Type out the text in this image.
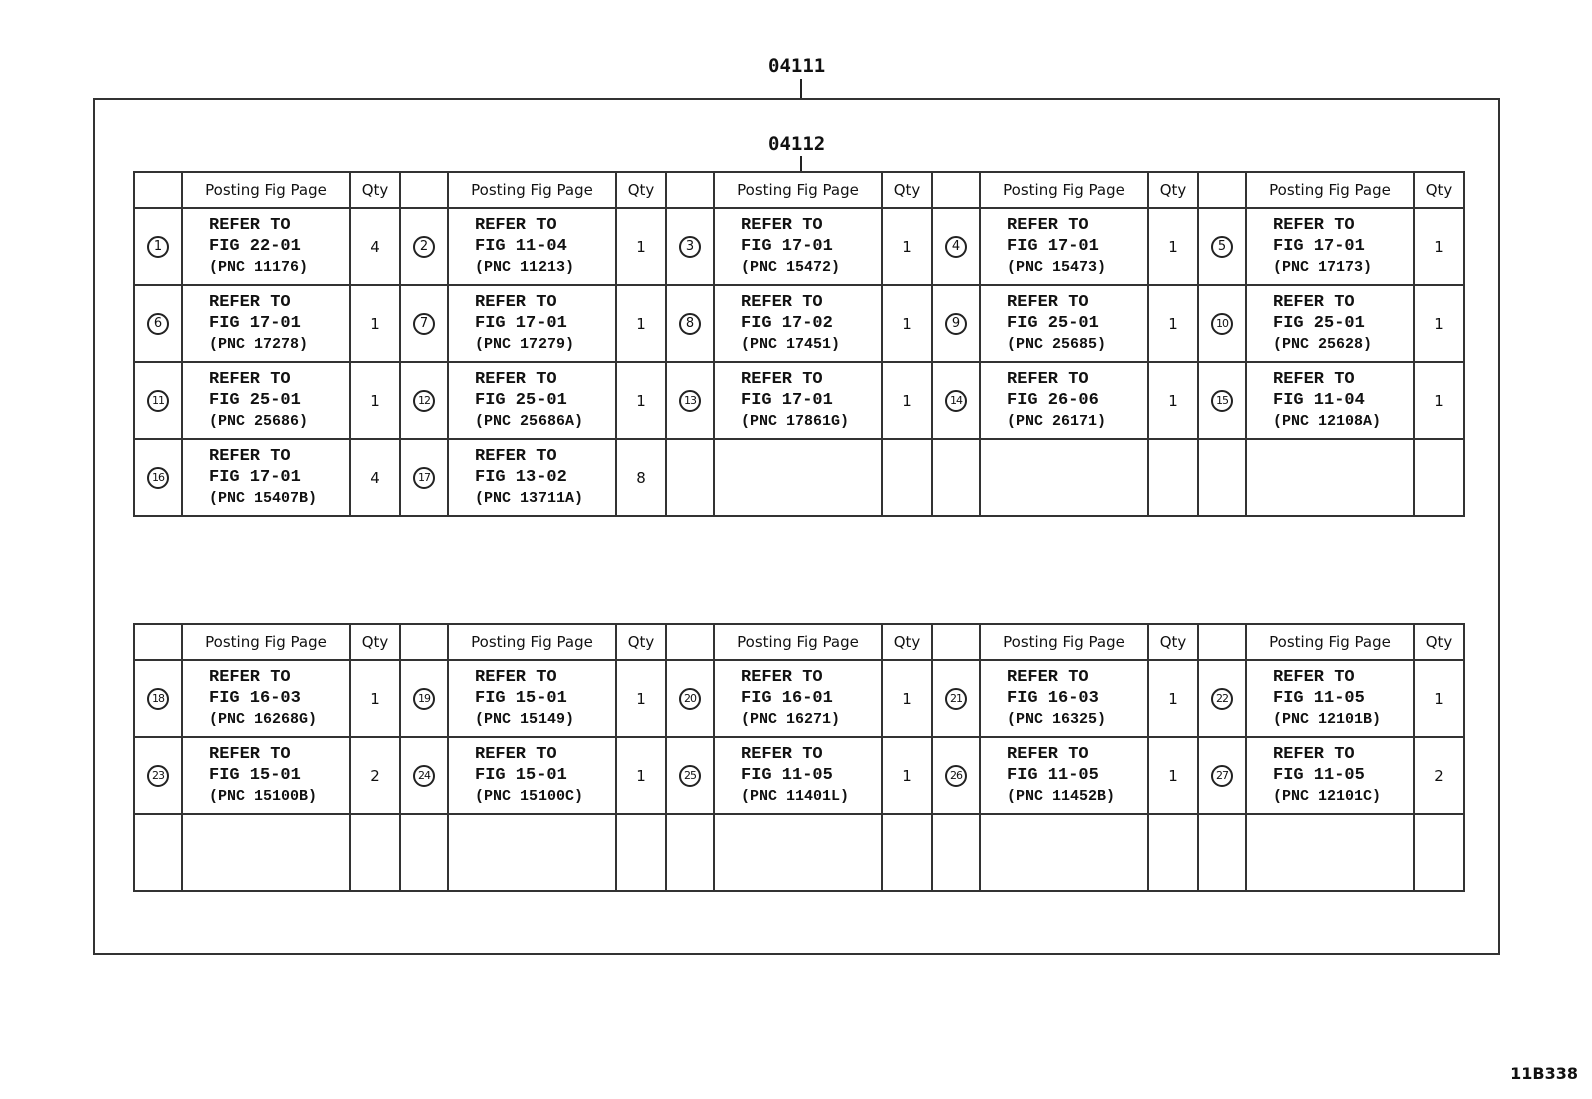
04111
04112
	Posting Fig Page	Qty		Posting Fig Page	Qty		Posting Fig Page	Qty		Posting Fig Page	Qty		Posting Fig Page	Qty
1	REFER TO
FIG 22-01
(PNC 11176)	4	2	REFER TO
FIG 11-04
(PNC 11213)	1	3	REFER TO
FIG 17-01
(PNC 15472)	1	4	REFER TO
FIG 17-01
(PNC 15473)	1	5	REFER TO
FIG 17-01
(PNC 17173)	1
6	REFER TO
FIG 17-01
(PNC 17278)	1	7	REFER TO
FIG 17-01
(PNC 17279)	1	8	REFER TO
FIG 17-02
(PNC 17451)	1	9	REFER TO
FIG 25-01
(PNC 25685)	1	10	REFER TO
FIG 25-01
(PNC 25628)	1
11	REFER TO
FIG 25-01
(PNC 25686)	1	12	REFER TO
FIG 25-01
(PNC 25686A)	1	13	REFER TO
FIG 17-01
(PNC 17861G)	1	14	REFER TO
FIG 26-06
(PNC 26171)	1	15	REFER TO
FIG 11-04
(PNC 12108A)	1
16	REFER TO
FIG 17-01
(PNC 15407B)	4	17	REFER TO
FIG 13-02
(PNC 13711A)	8									
	Posting Fig Page	Qty		Posting Fig Page	Qty		Posting Fig Page	Qty		Posting Fig Page	Qty		Posting Fig Page	Qty
18	REFER TO
FIG 16-03
(PNC 16268G)	1	19	REFER TO
FIG 15-01
(PNC 15149)	1	20	REFER TO
FIG 16-01
(PNC 16271)	1	21	REFER TO
FIG 16-03
(PNC 16325)	1	22	REFER TO
FIG 11-05
(PNC 12101B)	1
23	REFER TO
FIG 15-01
(PNC 15100B)	2	24	REFER TO
FIG 15-01
(PNC 15100C)	1	25	REFER TO
FIG 11-05
(PNC 11401L)	1	26	REFER TO
FIG 11-05
(PNC 11452B)	1	27	REFER TO
FIG 11-05
(PNC 12101C)	2

11B338
